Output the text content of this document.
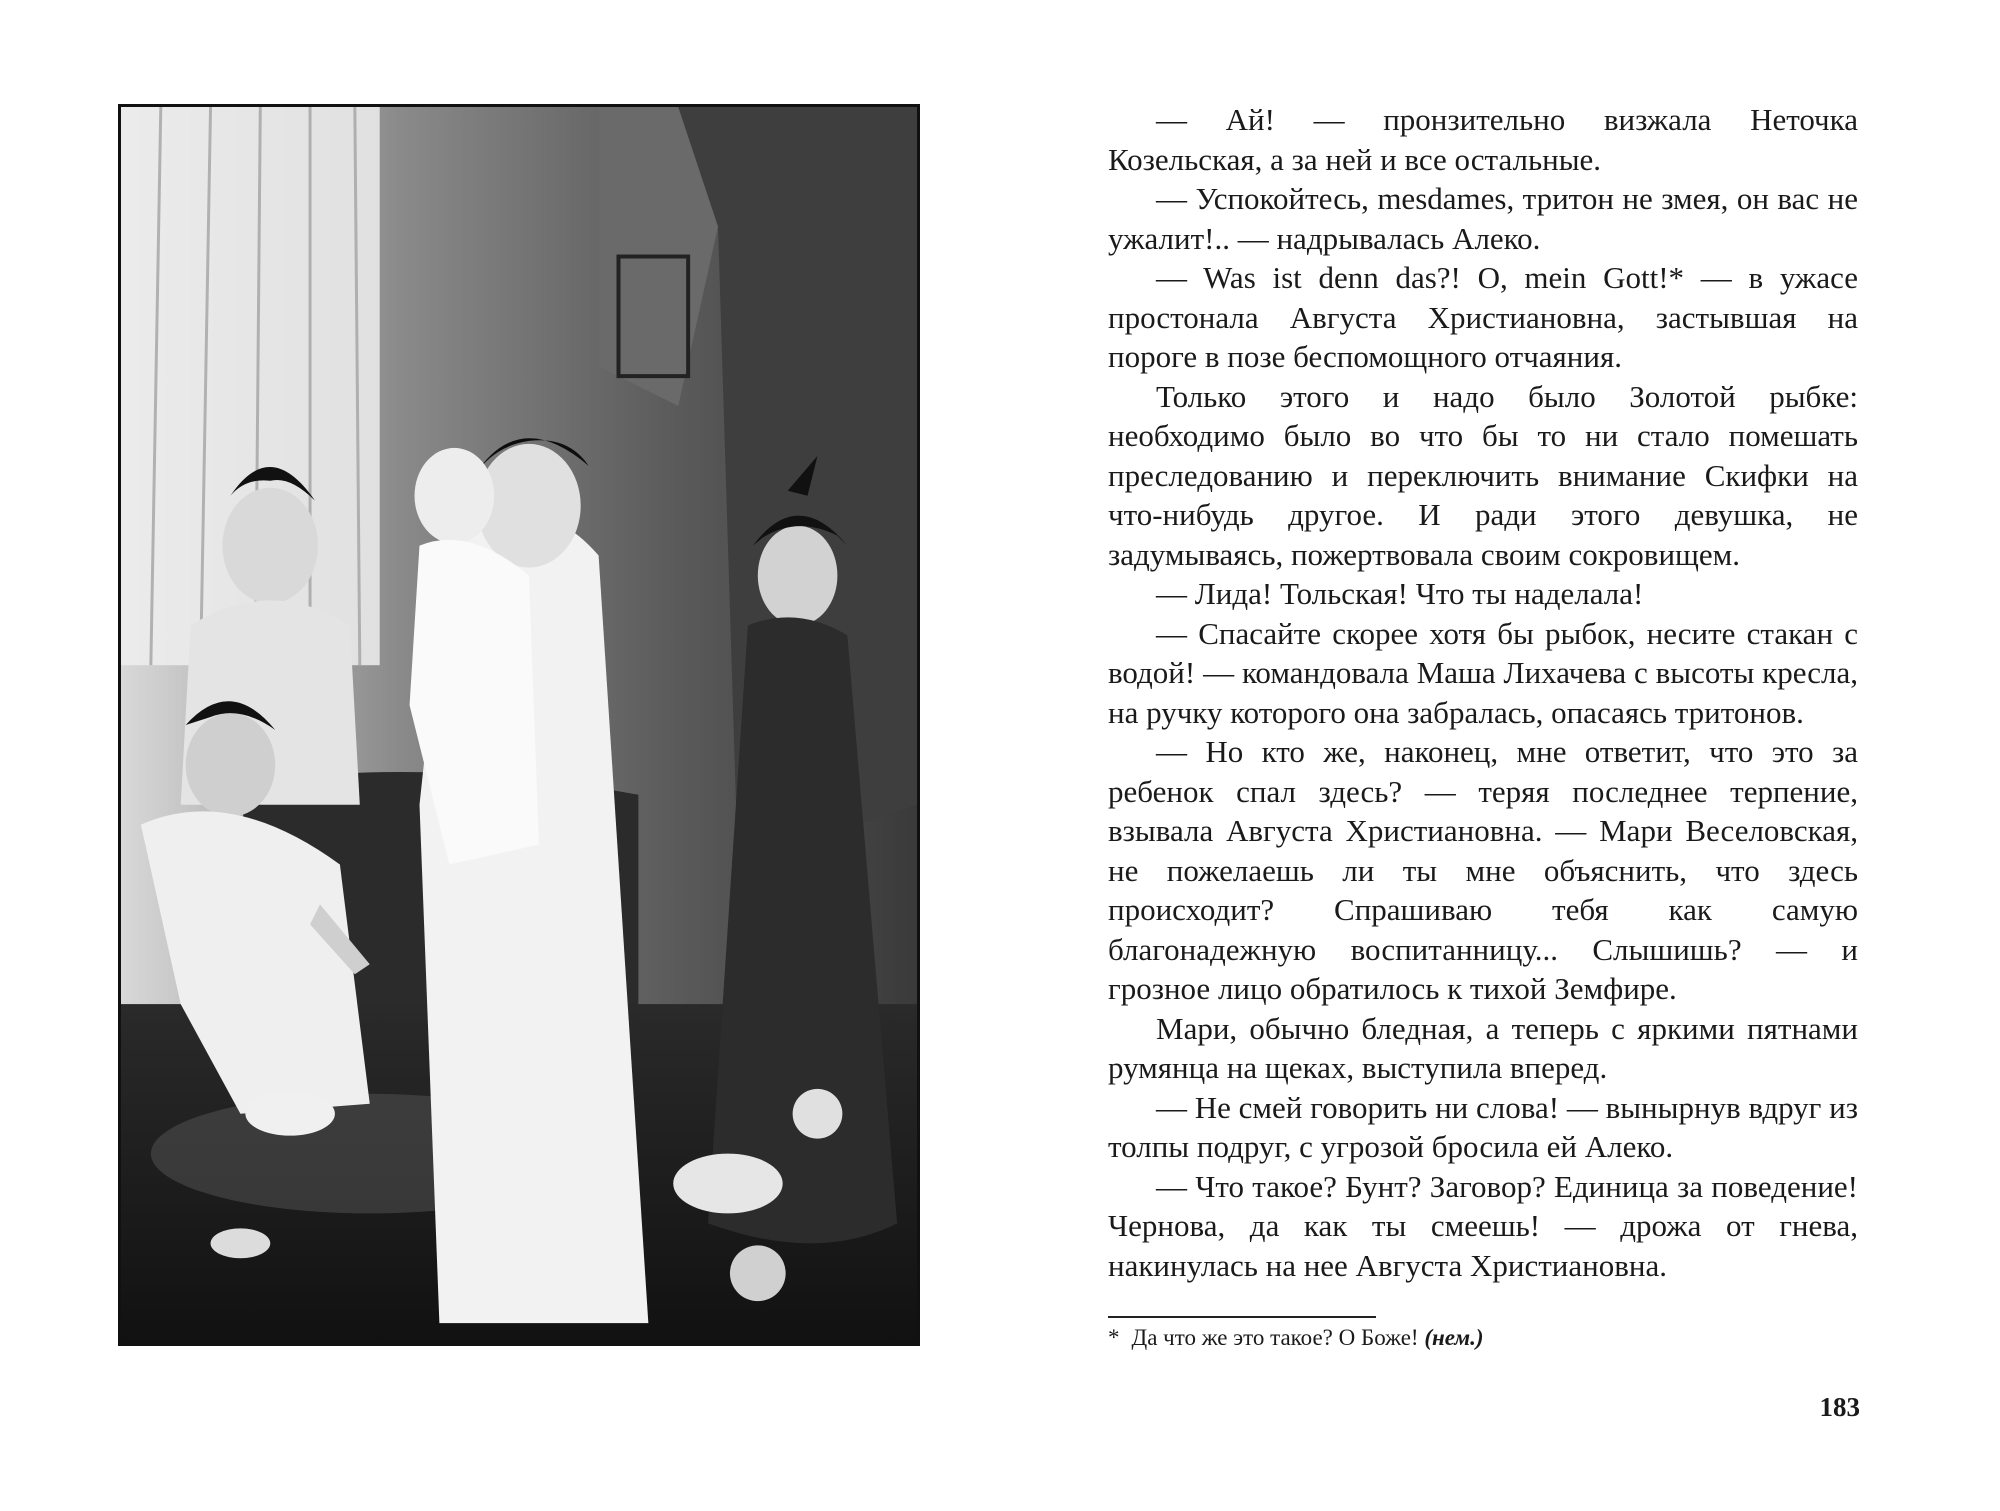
— Ай! — пронзительно визжала Неточка Козельская, а за ней и все остальные.

— Успокойтесь, mesdames, тритон не змея, он вас не ужалит!.. — надрывалась Алеко.

— Was ist denn das?! O, mein Gott!* — в ужасе простонала Августа Христиановна, застывшая на пороге в позе беспомощного отчаяния.

Только этого и надо было Золотой рыбке: необходимо было во что бы то ни стало помешать преследованию и переключить внимание Скифки на что-нибудь другое. И ради этого девушка, не задумываясь, пожертвовала своим сокровищем.

— Лида! Тольская! Что ты наделала!

— Спасайте скорее хотя бы рыбок, несите стакан с водой! — командовала Маша Лихачева с высоты кресла, на ручку которого она забралась, опасаясь тритонов.

— Но кто же, наконец, мне ответит, что это за ребенок спал здесь? — теряя последнее терпение, взывала Августа Христиановна. — Мари Веселовская, не пожелаешь ли ты мне объяснить, что здесь происходит? Спрашиваю тебя как самую благонадежную воспитанницу... Слышишь? — и грозное лицо обратилось к тихой Земфире.

Мари, обычно бледная, а теперь с яркими пятнами румянца на щеках, выступила вперед.

— Не смей говорить ни слова! — вынырнув вдруг из толпы подруг, с угрозой бросила ей Алеко.

— Что такое? Бунт? Заговор? Единица за поведение! Чернова, да как ты смеешь! — дрожа от гнева, накинулась на нее Августа Христиановна.

* Да что же это такое? О Боже! (нем.)
183
